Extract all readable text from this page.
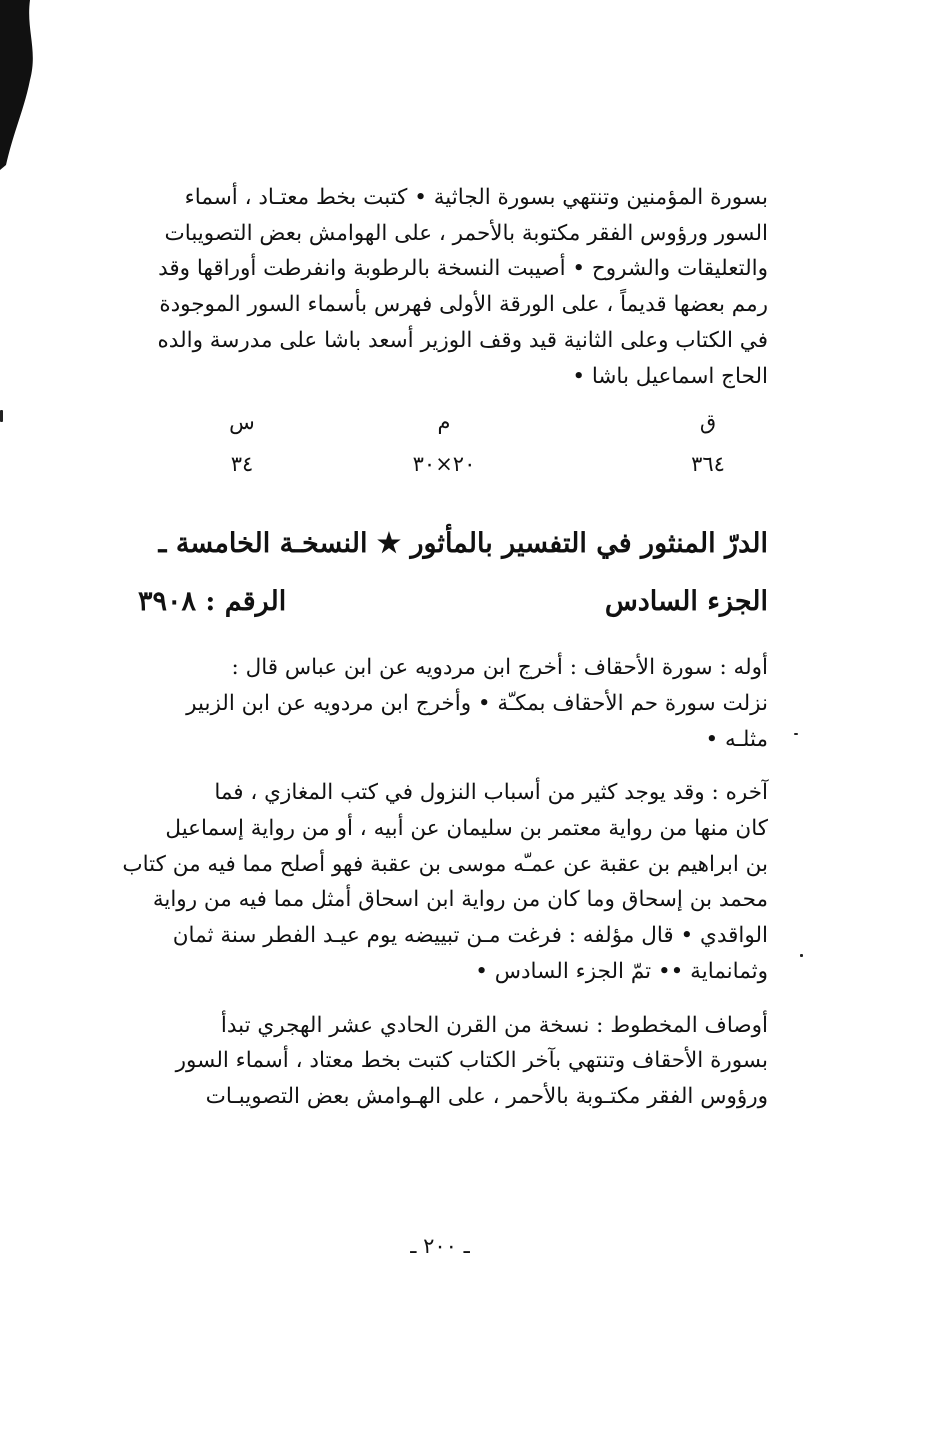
بسورة المؤمنين وتنتهي بسورة الجاثية • كتبت بخط معتـاد ، أسماء
السور ورؤوس الفقر مكتوبة بالأحمر ، على الهوامش بعض التصويبات
والتعليقات والشروح • أصيبت النسخة بالرطوبة وانفرطت أوراقها وقد
رمم بعضها قديماً ، على الورقة الأولى فهرس بأسماء السور الموجودة
في الكتاب وعلى الثانية قيد وقف الوزير أسعد باشا على مدرسة والده
الحاج اسماعيل باشا •

ق
م
س
٣٦٤
٢٠×٣٠
٣٤
الدرّ المنثور في التفسير بالمأثور ★ النسخـة الخامسة ـ
الجزء السادس
الرقم : ٣٩٠٨

أوله : سورة الأحقاف : أخرج ابن مردويه عن ابن عباس قال :
نزلت سورة حم الأحقاف بمكـّة • وأخرج ابن مردويه عن ابن الزبير
مثلـه •

آخره : وقد يوجد كثير من أسباب النزول في كتب المغازي ، فما
كان منها من رواية معتمر بن سليمان عن أبيه ، أو من رواية إسماعيل
بن ابراهيم بن عقبة عن عمـّه موسى بن عقبة فهو أصلح مما فيه من كتاب
محمد بن إسحاق وما كان من رواية ابن اسحاق أمثل مما فيه من رواية
الواقدي • قال مؤلفه : فرغت مـن تبييضه يوم عيـد الفطر سنة ثمان
وثمانماية •• تمّ الجزء السادس •

أوصاف المخطوط : نسخة من القرن الحادي عشر الهجري تبدأ
بسورة الأحقاف وتنتهي بآخر الكتاب كتبت بخط معتاد ، أسماء السور
ورؤوس الفقر مكتـوبة بالأحمر ، على الهـوامش بعض التصويبـات

ـ ٢٠٠ ـ
